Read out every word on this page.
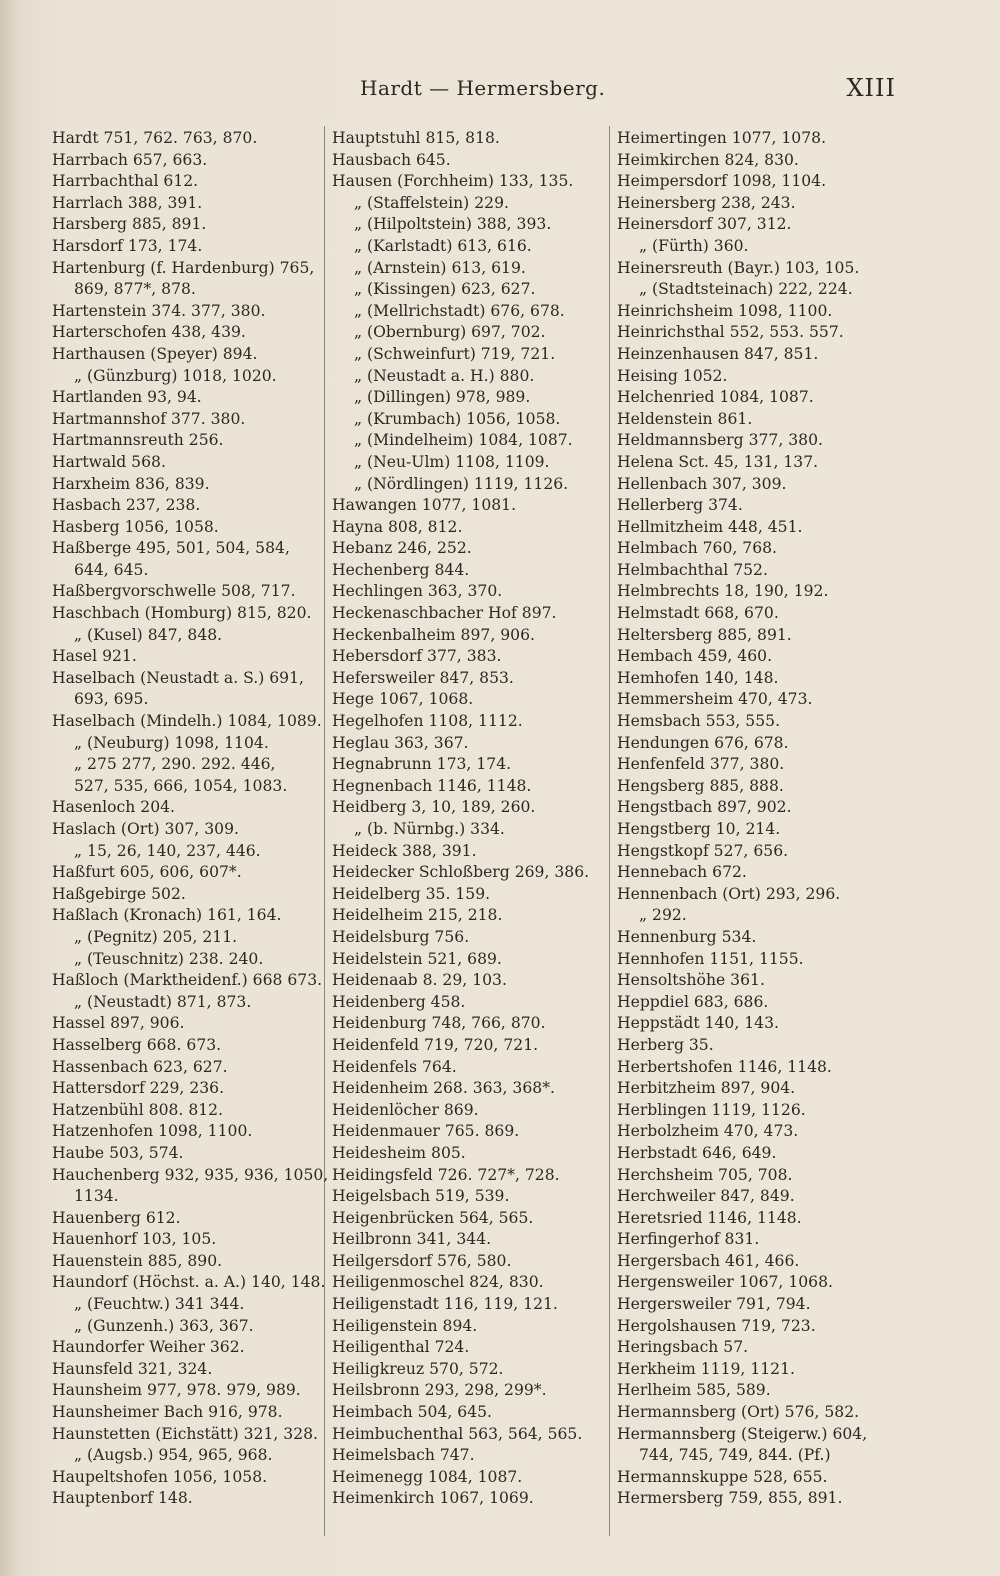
Hardt — Hermersberg.	XIII
Hardt 751, 762. 763, 870.
Harrbach 657, 663.
Harrbachthal 612.
Harrlach 388, 391.
Harsberg 885, 891.
Harsdorf 173, 174.
Hartenburg (f. Hardenburg) 765,
869, 877*, 878.
Hartenstein 374. 377, 380.
Harterschofen 438, 439.
Harthausen (Speyer) 894.
„ (Günzburg) 1018, 1020.
Hartlanden 93, 94.
Hartmannshof 377. 380.
Hartmannsreuth 256.
Hartwald 568.
Harxheim 836, 839.
Hasbach 237, 238.
Hasberg 1056, 1058.
Haßberge 495, 501, 504, 584,
644, 645.
Haßbergvorschwelle 508, 717.
Haschbach (Homburg) 815, 820.
„ (Kusel) 847, 848.
Hasel 921.
Haselbach (Neustadt a. S.) 691,
693, 695.
Haselbach (Mindelh.) 1084, 1089.
„ (Neuburg) 1098, 1104.
„ 275 277, 290. 292. 446,
527, 535, 666, 1054, 1083.
Hasenloch 204.
Haslach (Ort) 307, 309.
„ 15, 26, 140, 237, 446.
Haßfurt 605, 606, 607*.
Haßgebirge 502.
Haßlach (Kronach) 161, 164.
„ (Pegnitz) 205, 211.
„ (Teuschnitz) 238. 240.
Haßloch (Marktheidenf.) 668 673.
„ (Neustadt) 871, 873.
Hassel 897, 906.
Hasselberg 668. 673.
Hassenbach 623, 627.
Hattersdorf 229, 236.
Hatzenbühl 808. 812.
Hatzenhofen 1098, 1100.
Haube 503, 574.
Hauchenberg 932, 935, 936, 1050,
1134.
Hauenberg 612.
Hauenhorf 103, 105.
Hauenstein 885, 890.
Haundorf (Höchst. a. A.) 140, 148.
„ (Feuchtw.) 341 344.
„ (Gunzenh.) 363, 367.
Haundorfer Weiher 362.
Haunsfeld 321, 324.
Haunsheim 977, 978. 979, 989.
Haunsheimer Bach 916, 978.
Haunstetten (Eichstätt) 321, 328.
„ (Augsb.) 954, 965, 968.
Haupeltshofen 1056, 1058.
Hauptenborf 148.
Hauptstuhl 815, 818.
Hausbach 645.
Hausen (Forchheim) 133, 135.
„ (Staffelstein) 229.
„ (Hilpoltstein) 388, 393.
„ (Karlstadt) 613, 616.
„ (Arnstein) 613, 619.
„ (Kissingen) 623, 627.
„ (Mellrichstadt) 676, 678.
„ (Obernburg) 697, 702.
„ (Schweinfurt) 719, 721.
„ (Neustadt a. H.) 880.
„ (Dillingen) 978, 989.
„ (Krumbach) 1056, 1058.
„ (Mindelheim) 1084, 1087.
„ (Neu-Ulm) 1108, 1109.
„ (Nördlingen) 1119, 1126.
Hawangen 1077, 1081.
Hayna 808, 812.
Hebanz 246, 252.
Hechenberg 844.
Hechlingen 363, 370.
Heckenaschbacher Hof 897.
Heckenbalheim 897, 906.
Hebersdorf 377, 383.
Hefersweiler 847, 853.
Hege 1067, 1068.
Hegelhofen 1108, 1112.
Heglau 363, 367.
Hegnabrunn 173, 174.
Hegnenbach 1146, 1148.
Heidberg 3, 10, 189, 260.
„ (b. Nürnbg.) 334.
Heideck 388, 391.
Heidecker Schloßberg 269, 386.
Heidelberg 35. 159.
Heidelheim 215, 218.
Heidelsburg 756.
Heidelstein 521, 689.
Heidenaab 8. 29, 103.
Heidenberg 458.
Heidenburg 748, 766, 870.
Heidenfeld 719, 720, 721.
Heidenfels 764.
Heidenheim 268. 363, 368*.
Heidenlöcher 869.
Heidenmauer 765. 869.
Heidesheim 805.
Heidingsfeld 726. 727*, 728.
Heigelsbach 519, 539.
Heigenbrücken 564, 565.
Heilbronn 341, 344.
Heilgersdorf 576, 580.
Heiligenmoschel 824, 830.
Heiligenstadt 116, 119, 121.
Heiligenstein 894.
Heiligenthal 724.
Heiligkreuz 570, 572.
Heilsbronn 293, 298, 299*.
Heimbach 504, 645.
Heimbuchenthal 563, 564, 565.
Heimelsbach 747.
Heimenegg 1084, 1087.
Heimenkirch 1067, 1069.
Heimertingen 1077, 1078.
Heimkirchen 824, 830.
Heimpersdorf 1098, 1104.
Heinersberg 238, 243.
Heinersdorf 307, 312.
„ (Fürth) 360.
Heinersreuth (Bayr.) 103, 105.
„ (Stadtsteinach) 222, 224.
Heinrichsheim 1098, 1100.
Heinrichsthal 552, 553. 557.
Heinzenhausen 847, 851.
Heising 1052.
Helchenried 1084, 1087.
Heldenstein 861.
Heldmannsberg 377, 380.
Helena Sct. 45, 131, 137.
Hellenbach 307, 309.
Hellerberg 374.
Hellmitzheim 448, 451.
Helmbach 760, 768.
Helmbachthal 752.
Helmbrechts 18, 190, 192.
Helmstadt 668, 670.
Heltersberg 885, 891.
Hembach 459, 460.
Hemhofen 140, 148.
Hemmersheim 470, 473.
Hemsbach 553, 555.
Hendungen 676, 678.
Henfenfeld 377, 380.
Hengsberg 885, 888.
Hengstbach 897, 902.
Hengstberg 10, 214.
Hengstkopf 527, 656.
Hennebach 672.
Hennenbach (Ort) 293, 296.
„ 292.
Hennenburg 534.
Hennhofen 1151, 1155.
Hensoltshöhe 361.
Heppdiel 683, 686.
Heppstädt 140, 143.
Herberg 35.
Herbertshofen 1146, 1148.
Herbitzheim 897, 904.
Herblingen 1119, 1126.
Herbolzheim 470, 473.
Herbstadt 646, 649.
Herchsheim 705, 708.
Herchweiler 847, 849.
Heretsried 1146, 1148.
Herfingerhof 831.
Hergersbach 461, 466.
Hergensweiler 1067, 1068.
Hergersweiler 791, 794.
Hergolshausen 719, 723.
Heringsbach 57.
Herkheim 1119, 1121.
Herlheim 585, 589.
Hermannsberg (Ort) 576, 582.
Hermannsberg (Steigerw.) 604,
744, 745, 749, 844. (Pf.)
Hermannskuppe 528, 655.
Hermersberg 759, 855, 891.
